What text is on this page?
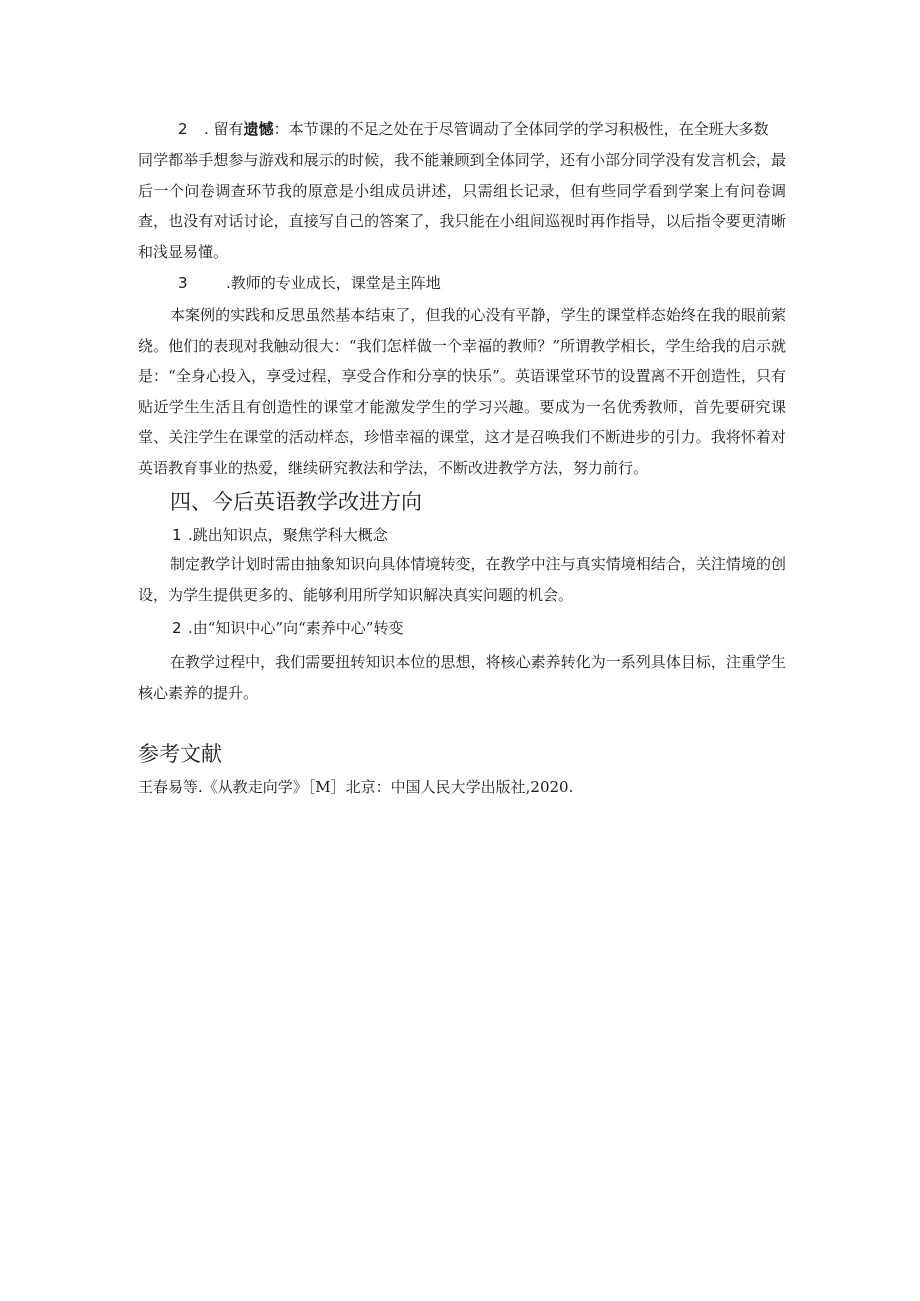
2 . 留有遗憾：本节课的不足之处在于尽管调动了全体同学的学习积极性，在全班大多数

同学都举手想参与游戏和展示的时候，我不能兼顾到全体同学，还有小部分同学没有发言机会，最后一个问卷调查环节我的原意是小组成员讲述，只需组长记录，但有些同学看到学案上有问卷调查，也没有对话讨论，直接写自己的答案了，我只能在小组间巡视时再作指导，以后指令要更清晰和浅显易懂。

3	.教师的专业成长，课堂是主阵地

本案例的实践和反思虽然基本结束了，但我的心没有平静，学生的课堂样态始终在我的眼前萦绕。他们的表现对我触动很大：“我们怎样做一个幸福的教师？”所谓教学相长，学生给我的启示就是：“全身心投入，享受过程，享受合作和分享的快乐”。英语课堂环节的设置离不开创造性，只有贴近学生生活且有创造性的课堂才能激发学生的学习兴趣。要成为一名优秀教师，首先要研究课堂、关注学生在课堂的活动样态，珍惜幸福的课堂，这才是召唤我们不断进步的引力。我将怀着对英语教育事业的热爱，继续研究教法和学法，不断改进教学方法，努力前行。

四、今后英语教学改进方向
1 .跳出知识点，聚焦学科大概念

制定教学计划时需由抽象知识向具体情境转变，在教学中注与真实情境相结合，关注情境的创设，为学生提供更多的、能够利用所学知识解决真实问题的机会。

2 .由“知识中心”向“素养中心”转变

在教学过程中，我们需要扭转知识本位的思想，将核心素养转化为一系列具体目标，注重学生核心素养的提升。

参考文献
王春易等.《从教走向学》［M］北京：中国人民大学出版社,2020.
